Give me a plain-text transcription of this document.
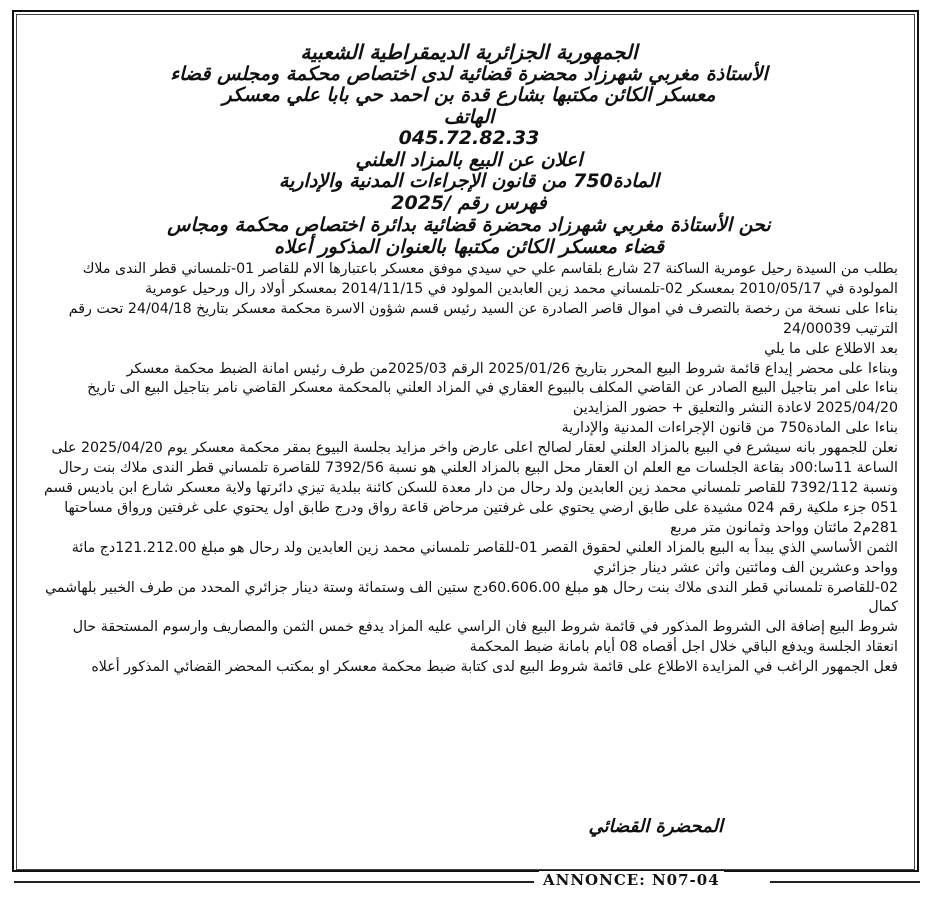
الجمهورية الجزائرية الديمقراطية الشعبية

الأستاذة مغربي شهرزاد محضرة قضائية لدى اختصاص محكمة ومجلس قضاء

معسكر الكائن مكتبها بشارع قدة بن احمد حي بابا علي معسكر

الهاتف
045.72.82.33

اعلان عن البيع بالمزاد العلني

المادة750 من قانون الإجراءات المدنية والإدارية

فهرس رقم /2025

نحن الأستاذة مغربي شهرزاد محضرة قضائية بدائرة اختصاص محكمة ومجاس

قضاء معسكر الكائن مكتبها بالعنوان المذكور أعلاه

بطلب من السيدة رحيل عومرية الساكنة 27 شارع بلقاسم علي حي سيدي موفق معسكر باعتبارها الام للقاصر 01-تلمساني قطر الندى ملاك المولودة في 2010/05/17 بمعسكر 02-تلمساني محمد زين العابدين المولود في 2014/11/15 بمعسكر أولاد رال ورحيل عومرية

بناءا على نسخة من رخصة بالتصرف في اموال قاصر الصادرة عن السيد رئيس قسم شؤون الاسرة محكمة معسكر بتاريخ 24/04/18 تحت رقم الترتيب 24/00039

بعد الاطلاع على ما يلي

وبناءا على محضر إيداع قائمة شروط البيع المحرر بتاريخ 2025/01/26 الرقم 2025/03من طرف رئيس امانة الضبط محكمة معسكر

بناءا على امر بتاجيل البيع الصادر عن القاضي المكلف بالبيوع العقاري في المزاد العلني بالمحكمة معسكر القاضي نامر بتاجيل البيع الى تاريخ 2025/04/20 لاعادة النشر والتعليق + حضور المزايدين

بناءا على المادة750 من قانون الإجراءات المدنية والإدارية

نعلن للجمهور بانه سيشرع في البيع بالمزاد العلني لعقار لصالح اعلى عارض واخر مزايد بجلسة البيوع بمقر محكمة معسكر يوم 2025/04/20 على الساعة 11سا:00د بقاعة الجلسات مع العلم ان العقار محل البيع بالمزاد العلني هو نسبة 7392/56 للقاصرة تلمساني قطر الندى ملاك بنت رحال ونسبة 7392/112 للقاصر تلمساني محمد زين العابدين ولد رحال من دار معدة للسكن كائنة ببلدية تيزي دائرتها ولاية معسكر شارع ابن باديس قسم 051 جزء ملكية رقم 024 مشيدة على طابق ارضي يحتوي على غرفتين مرحاض قاعة رواق ودرج طابق اول يحتوي على غرفتين ورواق مساحتها 281م2 مائتان وواحد وثمانون متر مربع

الثمن الأساسي الذي يبدأ به البيع بالمزاد العلني لحقوق القصر 01-للقاصر تلمساني محمد زين العابدين ولد رحال هو مبلغ 121.212.00دج مائة وواحد وعشرين الف ومائتين واثن عشر دينار جزائري

02-للقاصرة تلمساني قطر الندى ملاك بنت رحال هو مبلغ 60.606.00دج ستين الف وستمائة وستة دينار جزائري المحدد من طرف الخبير بلهاشمي كمال

شروط البيع إضافة الى الشروط المذكور في قائمة شروط البيع فان الراسي عليه المزاد يدفع خمس الثمن والمصاريف وارسوم المستحقة حال انعقاد الجلسة ويدفع الباقي خلال اجل أقصاه 08 أيام بامانة ضبط المحكمة

فعل الجمهور الراغب في المزايدة الاطلاع على قائمة شروط البيع لدى كتابة ضبط محكمة معسكر او بمكتب المحضر القضائي المذكور أعلاه

المحضرة القضائي
ANNONCE: N07-04
